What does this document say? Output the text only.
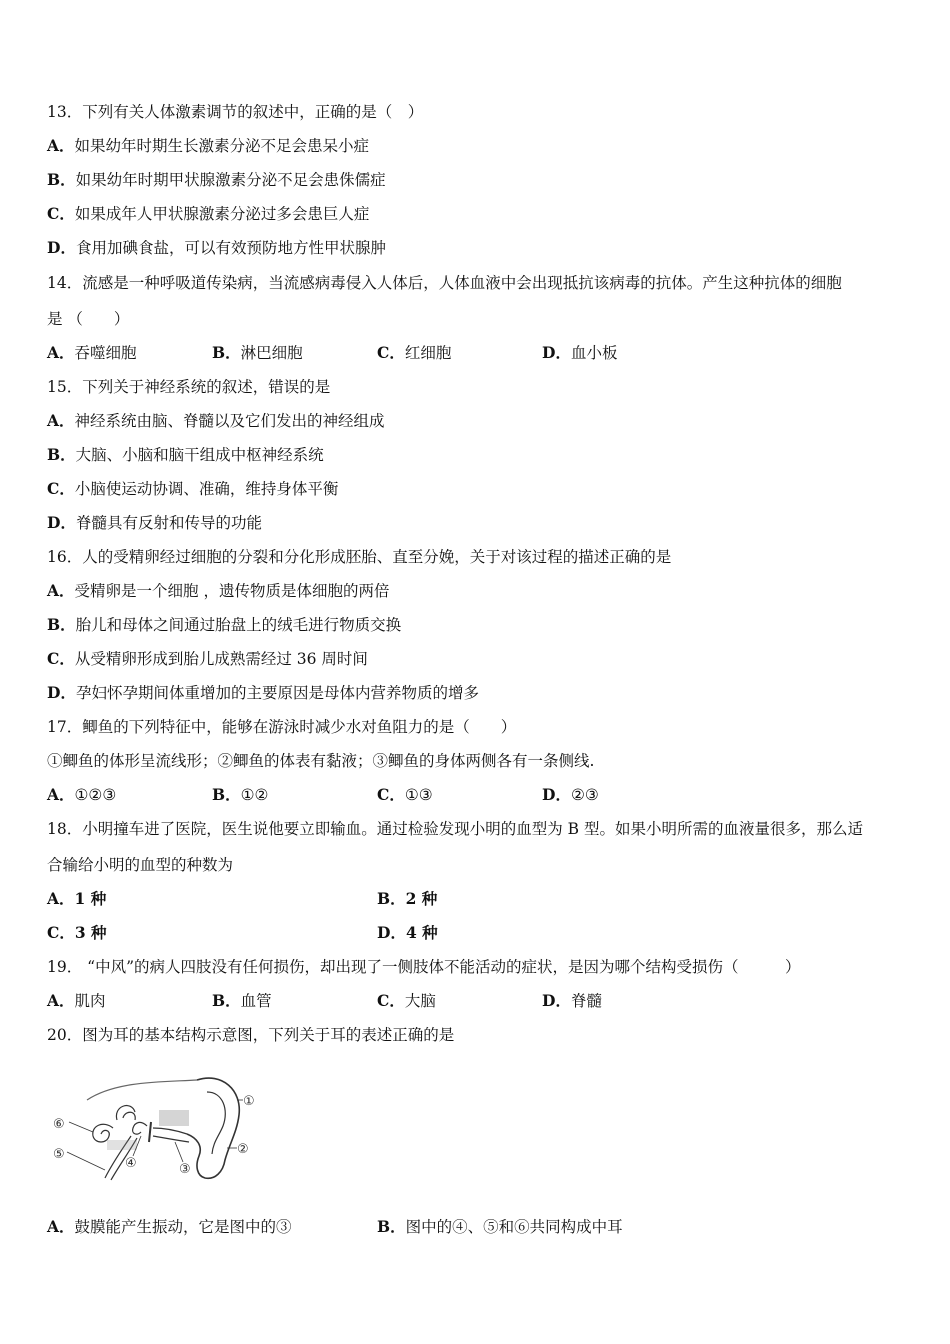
13．下列有关人体激素调节的叙述中，正确的是（　）
A．如果幼年时期生长激素分泌不足会患呆小症
B．如果幼年时期甲状腺激素分泌不足会患侏儒症
C．如果成年人甲状腺激素分泌过多会患巨人症
D．食用加碘食盐，可以有效预防地方性甲状腺肿
14．流感是一种呼吸道传染病，当流感病毒侵入人体后，人体血液中会出现抵抗该病毒的抗体。产生这种抗体的细胞
是 （　　）
A．吞噬细胞	B．淋巴细胞	C．红细胞	D．血小板
15．下列关于神经系统的叙述，错误的是
A．神经系统由脑、脊髓以及它们发出的神经组成
B．大脑、小脑和脑干组成中枢神经系统
C．小脑使运动协调、准确，维持身体平衡
D．脊髓具有反射和传导的功能
16．人的受精卵经过细胞的分裂和分化形成胚胎、直至分娩，关于对该过程的描述正确的是
A．受精卵是一个细胞 ，遗传物质是体细胞的两倍
B．胎儿和母体之间通过胎盘上的绒毛进行物质交换
C．从受精卵形成到胎儿成熟需经过 36 周时间
D．孕妇怀孕期间体重增加的主要原因是母体内营养物质的增多
17．鲫鱼的下列特征中，能够在游泳时减少水对鱼阻力的是（　　）
①鲫鱼的体形呈流线形；②鲫鱼的体表有黏液；③鲫鱼的身体两侧各有一条侧线.
A．①②③	B．①②	C．①③	D．②③
18．小明撞车进了医院，医生说他要立即输血。通过检验发现小明的血型为 B 型。如果小明所需的血液量很多，那么适
合输给小明的血型的种数为
A．1 种	B．2 种
C．3 种	D．4 种
19． “中风”的病人四肢没有任何损伤，却出现了一侧肢体不能活动的症状，是因为哪个结构受损伤（　　　）
A．肌肉	B．血管	C．大脑	D．脊髓
20．图为耳的基本结构示意图，下列关于耳的表述正确的是
①
②
③
④
⑤
⑥
A．鼓膜能产生振动，它是图中的③	B．图中的④、⑤和⑥共同构成中耳
